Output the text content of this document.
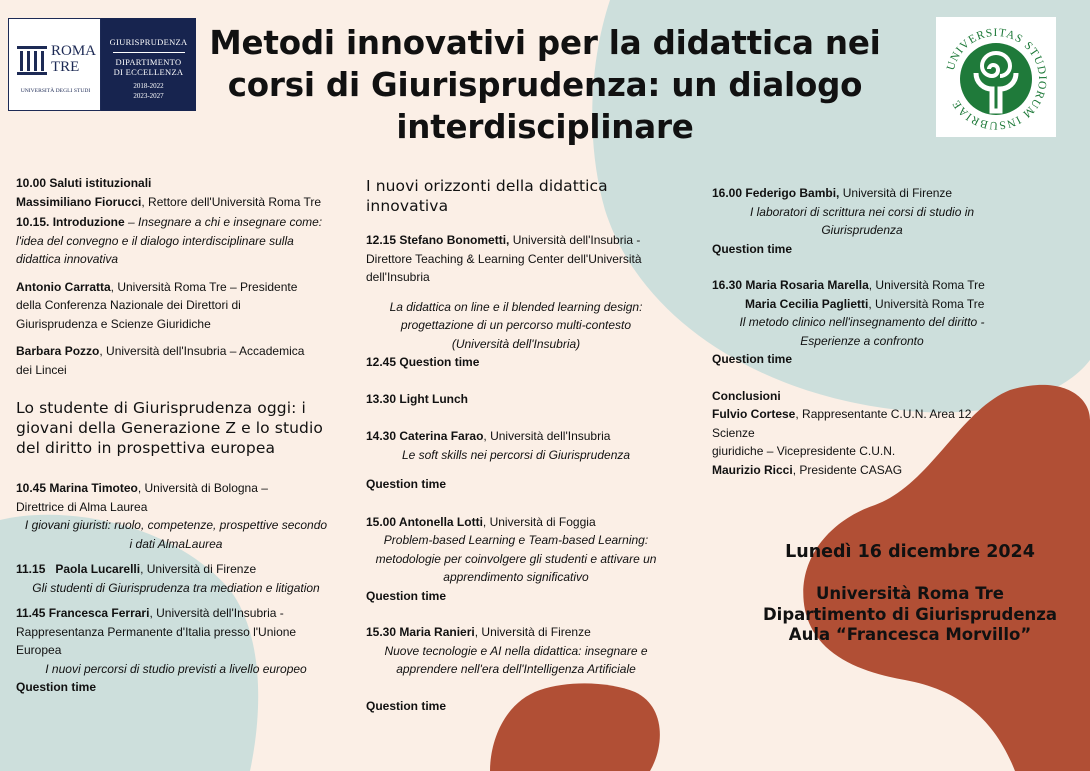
ROMA
TRE
UNIVERSITÀ DEGLI STUDI
GIURISPRUDENZA
DIPARTIMENTO
DI ECCELLENZA
2018-2022
2023-2027
Metodi innovativi per la didattica nei
corsi di Giurisprudenza: un dialogo
interdisciplinare
UNIVERSITAS STUDIORUM INSUBRIAE

10.00 Saluti istituzionali

Massimiliano Fiorucci, Rettore dell'Università Roma Tre

10.15. Introduzione – Insegnare a chi e insegnare come:

l'idea del convegno e il dialogo interdisciplinare sulla

didattica innovativa

Antonio Carratta, Università Roma Tre – Presidente

della Conferenza Nazionale dei Direttori di

Giurisprudenza e Scienze Giuridiche

Barbara Pozzo, Università dell'Insubria – Accademica

dei Lincei

Lo studente di Giurisprudenza oggi: i
giovani della Generazione Z e lo studio
del diritto in prospettiva europea

10.45 Marina Timoteo, Università di Bologna –

Direttrice di Alma Laurea

I giovani giuristi: ruolo, competenze, prospettive secondo

i dati AlmaLaurea

11.15   Paola Lucarelli, Università di Firenze

Gli studenti di Giurisprudenza tra mediation e litigation

11.45 Francesca Ferrari, Università dell'Insubria -

Rappresentanza Permanente d'Italia presso l'Unione

Europea

I nuovi percorsi di studio previsti a livello europeo

Question time

I nuovi orizzonti della didattica
innovativa

12.15 Stefano Bonometti, Università dell'Insubria -

Direttore Teaching & Learning Center dell'Università

dell'Insubria

La didattica on line e il blended learning design:

progettazione di un percorso multi-contesto

(Università dell'Insubria)

12.45 Question time

13.30 Light Lunch

14.30 Caterina Farao, Università dell'Insubria

Le soft skills nei percorsi di Giurisprudenza

Question time

15.00 Antonella Lotti, Università di Foggia

Problem-based Learning e Team-based Learning:

metodologie per coinvolgere gli studenti e attivare un

apprendimento significativo

Question time

15.30 Maria Ranieri, Università di Firenze

Nuove tecnologie e AI nella didattica: insegnare e

apprendere nell'era dell'Intelligenza Artificiale

Question time

16.00 Federigo Bambi, Università di Firenze

I laboratori di scrittura nei corsi di studio in

Giurisprudenza

Question time

16.30 Maria Rosaria Marella, Università Roma Tre

Maria Cecilia Paglietti, Università Roma Tre

Il metodo clinico nell'insegnamento del diritto -

Esperienze a confronto

Question time

Conclusioni

Fulvio Cortese, Rappresentante C.U.N. Area 12 Scienze

giuridiche – Vicepresidente C.U.N.

Maurizio Ricci, Presidente CASAG

Lunedì 16 dicembre 2024
Università Roma Tre
Dipartimento di Giurisprudenza
Aula “Francesca Morvillo”
